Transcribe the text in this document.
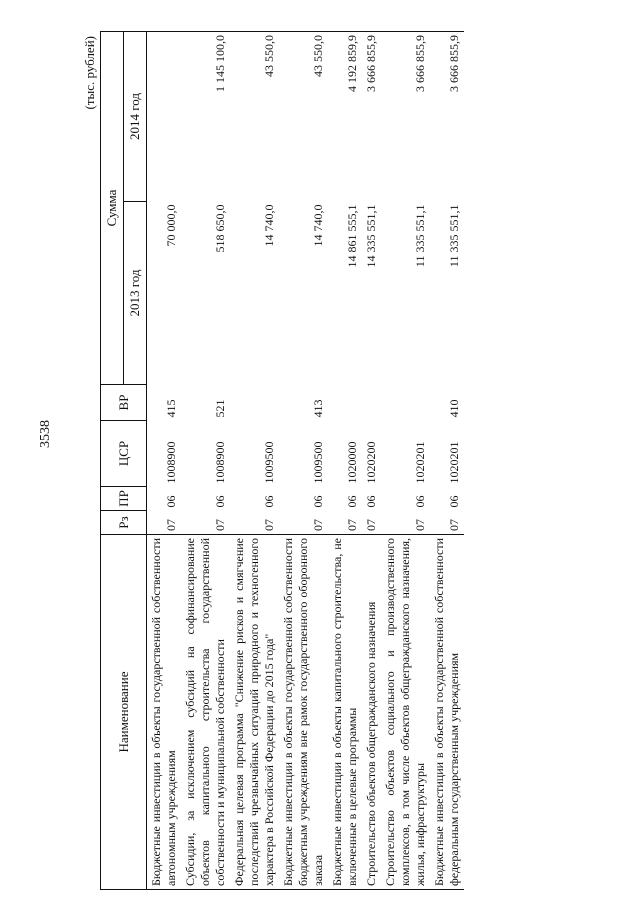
3538
(тыс. рублей)
Наименование	Рз	ПР	ЦСР	ВР	Сумма	
					2013 год	2014 год
Бюджетные инвестиции в объекты государственной собственности автономным учреждениям	07	06	1008900	415	70 000,0	
Субсидии, за исключением субсидий на софинансирование объектов капитального строительства государственной собственности и муниципальной собственности	07	06	1008900	521	518 650,0	1 145 100,0
Федеральная целевая программа "Снижение рисков и смягчение последствий чрезвычайных ситуаций природного и техногенного характера в Российской Федерации до 2015 года"	07	06	1009500		14 740,0	43 550,0
Бюджетные инвестиции в объекты государственной собственности бюджетным учреждениям вне рамок государственного оборонного заказа	07	06	1009500	413	14 740,0	43 550,0
Бюджетные инвестиции в объекты капитального строительства, не включенные в целевые программы	07	06	1020000		14 861 555,1	4 192 859,9
Строительство объектов общегражданского назначения	07	06	1020200		14 335 551,1	3 666 855,9
Строительство объектов социального и производственного комплексов, в том числе объектов общегражданского назначения, жилья, инфраструктуры	07	06	1020201		11 335 551,1	3 666 855,9
Бюджетные инвестиции в объекты государственной собственности федеральным государственным учреждениям	07	06	1020201	410	11 335 551,1	3 666 855,9
